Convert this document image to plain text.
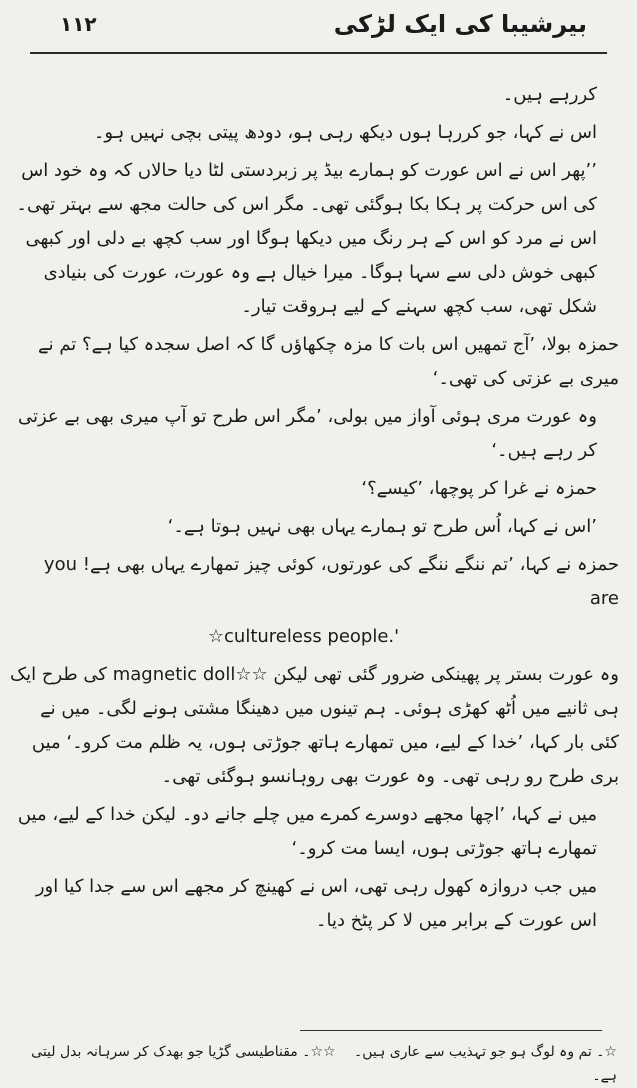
بیرشیبا کی ایک لڑکی
۱۱۲

کررہے ہیں۔

اس نے کہا، جو کررہا ہوں دیکھ رہی ہو، دودھ پیتی بچی نہیں ہو۔

’’پھر اس نے اس عورت کو ہمارے بیڈ پر زبردستی لٹا دیا حالاں کہ وہ خود اس کی اس حرکت پر ہکا بکا ہوگئی تھی۔ مگر اس کی حالت مجھ سے بہتر تھی۔ اس نے مرد کو اس کے ہر رنگ میں دیکھا ہوگا اور سب کچھ بے دلی اور کبھی کبھی خوش دلی سے سہا ہوگا۔ میرا خیال ہے وہ عورت، عورت کی بنیادی شکل تھی، سب کچھ سہنے کے لیے ہروقت تیار۔

حمزہ بولا، ’آج تمھیں اس بات کا مزہ چکھاؤں گا کہ اصل سجدہ کیا ہے؟ تم نے میری بے عزتی کی تھی۔‘

وہ عورت مری ہوئی آواز میں بولی، ’مگر اس طرح تو آپ میری بھی بے عزتی کر رہے ہیں۔‘

حمزہ نے غرا کر پوچھا، ’کیسے؟‘

’اس نے کہا، اُس طرح تو ہمارے یہاں بھی نہیں ہوتا ہے۔‘

حمزہ نے کہا، ’تم ننگے ننگے کی عورتوں، کوئی چیز تمھارے یہاں بھی ہے! you are

☆cultureless people.'

وہ عورت بستر پر پھینکی ضرور گئی تھی لیکن magnetic doll☆☆ کی طرح ایک ہی ثانیے میں اُٹھ کھڑی ہوئی۔ ہم تینوں میں دھینگا مشتی ہونے لگی۔ میں نے کئی بار کہا، ’خدا کے لیے، میں تمھارے ہاتھ جوڑتی ہوں، یہ ظلم مت کرو۔‘ میں بری طرح رو رہی تھی۔ وہ عورت بھی روہانسو ہوگئی تھی۔

میں نے کہا، ’اچھا مجھے دوسرے کمرے میں چلے جانے دو۔ لیکن خدا کے لیے، میں تمھارے ہاتھ جوڑتی ہوں، ایسا مت کرو۔‘

میں جب دروازہ کھول رہی تھی، اس نے کھینچ کر مجھے اس سے جدا کیا اور اس عورت کے برابر میں لا کر پٹخ دیا۔

☆۔ تم وہ لوگ ہو جو تہذیب سے عاری ہیں۔ ☆☆۔ مقناطیسی گڑیا جو بھدک کر سرہانہ بدل لیتی ہے۔
